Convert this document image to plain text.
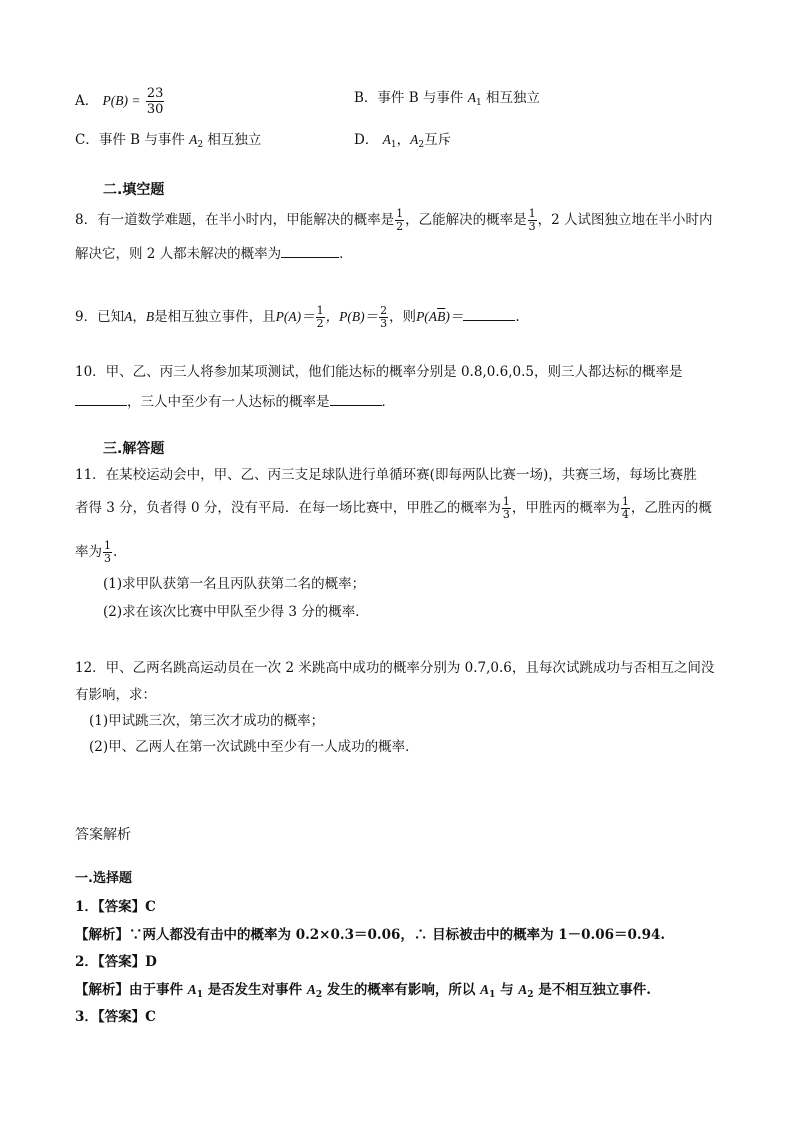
A． $P(B) = \frac{23}{30}$	B．事件 B 与事件 $A_1$ 相互独立
C．事件 B 与事件 $A_2$ 相互独立	D． $A_1$，$A_2$互斥
二.填空题
8．有一道数学难题，在半小时内，甲能解决的概率是 $\frac{1}{2}$ ，乙能解决的概率是 $\frac{1}{3}$ ，2 人试图独立地在半小时内
解决它，则 2 人都未解决的概率为	．
9．已知A，B是相互独立事件，且$P(A)= \frac{1}{2}$ ，$P(B)= \frac{2}{3}$ ，则$P(A\overline{B})=$	.
10．甲、乙、丙三人将参加某项测试，他们能达标的概率分别是 0.8,0.6,0.5，则三人都达标的概率是
，三人中至少有一人达标的概率是	．
三.解答题
11．在某校运动会中，甲、乙、丙三支足球队进行单循环赛(即每两队比赛一场)，共赛三场，每场比赛胜
者得 3 分，负者得 0 分，没有平局．在每一场比赛中，甲胜乙的概率为 $\frac{1}{3}$ ，甲胜丙的概率为 $\frac{1}{4}$ ，乙胜丙的概
率为 $\frac{1}{3}$ .
(1)求甲队获第一名且丙队获第二名的概率；
(2)求在该次比赛中甲队至少得 3 分的概率．
12．甲、乙两名跳高运动员在一次 2 米跳高中成功的概率分别为 0.7,0.6，且每次试跳成功与否相互之间没
有影响，求：
(1)甲试跳三次，第三次才成功的概率；
(2)甲、乙两人在第一次试跳中至少有一人成功的概率．
答案解析
一.选择题
1．【答案】C
【解析】∵两人都没有击中的概率为 0.2×0.3＝0.06，∴ 目标被击中的概率为 1－0.06＝0.94.
2．【答案】D
【解析】由于事件 $A_1$ 是否发生对事件 $A_2$ 发生的概率有影响，所以 $A_1$ 与 $A_2$ 是不相互独立事件.
3．【答案】C
